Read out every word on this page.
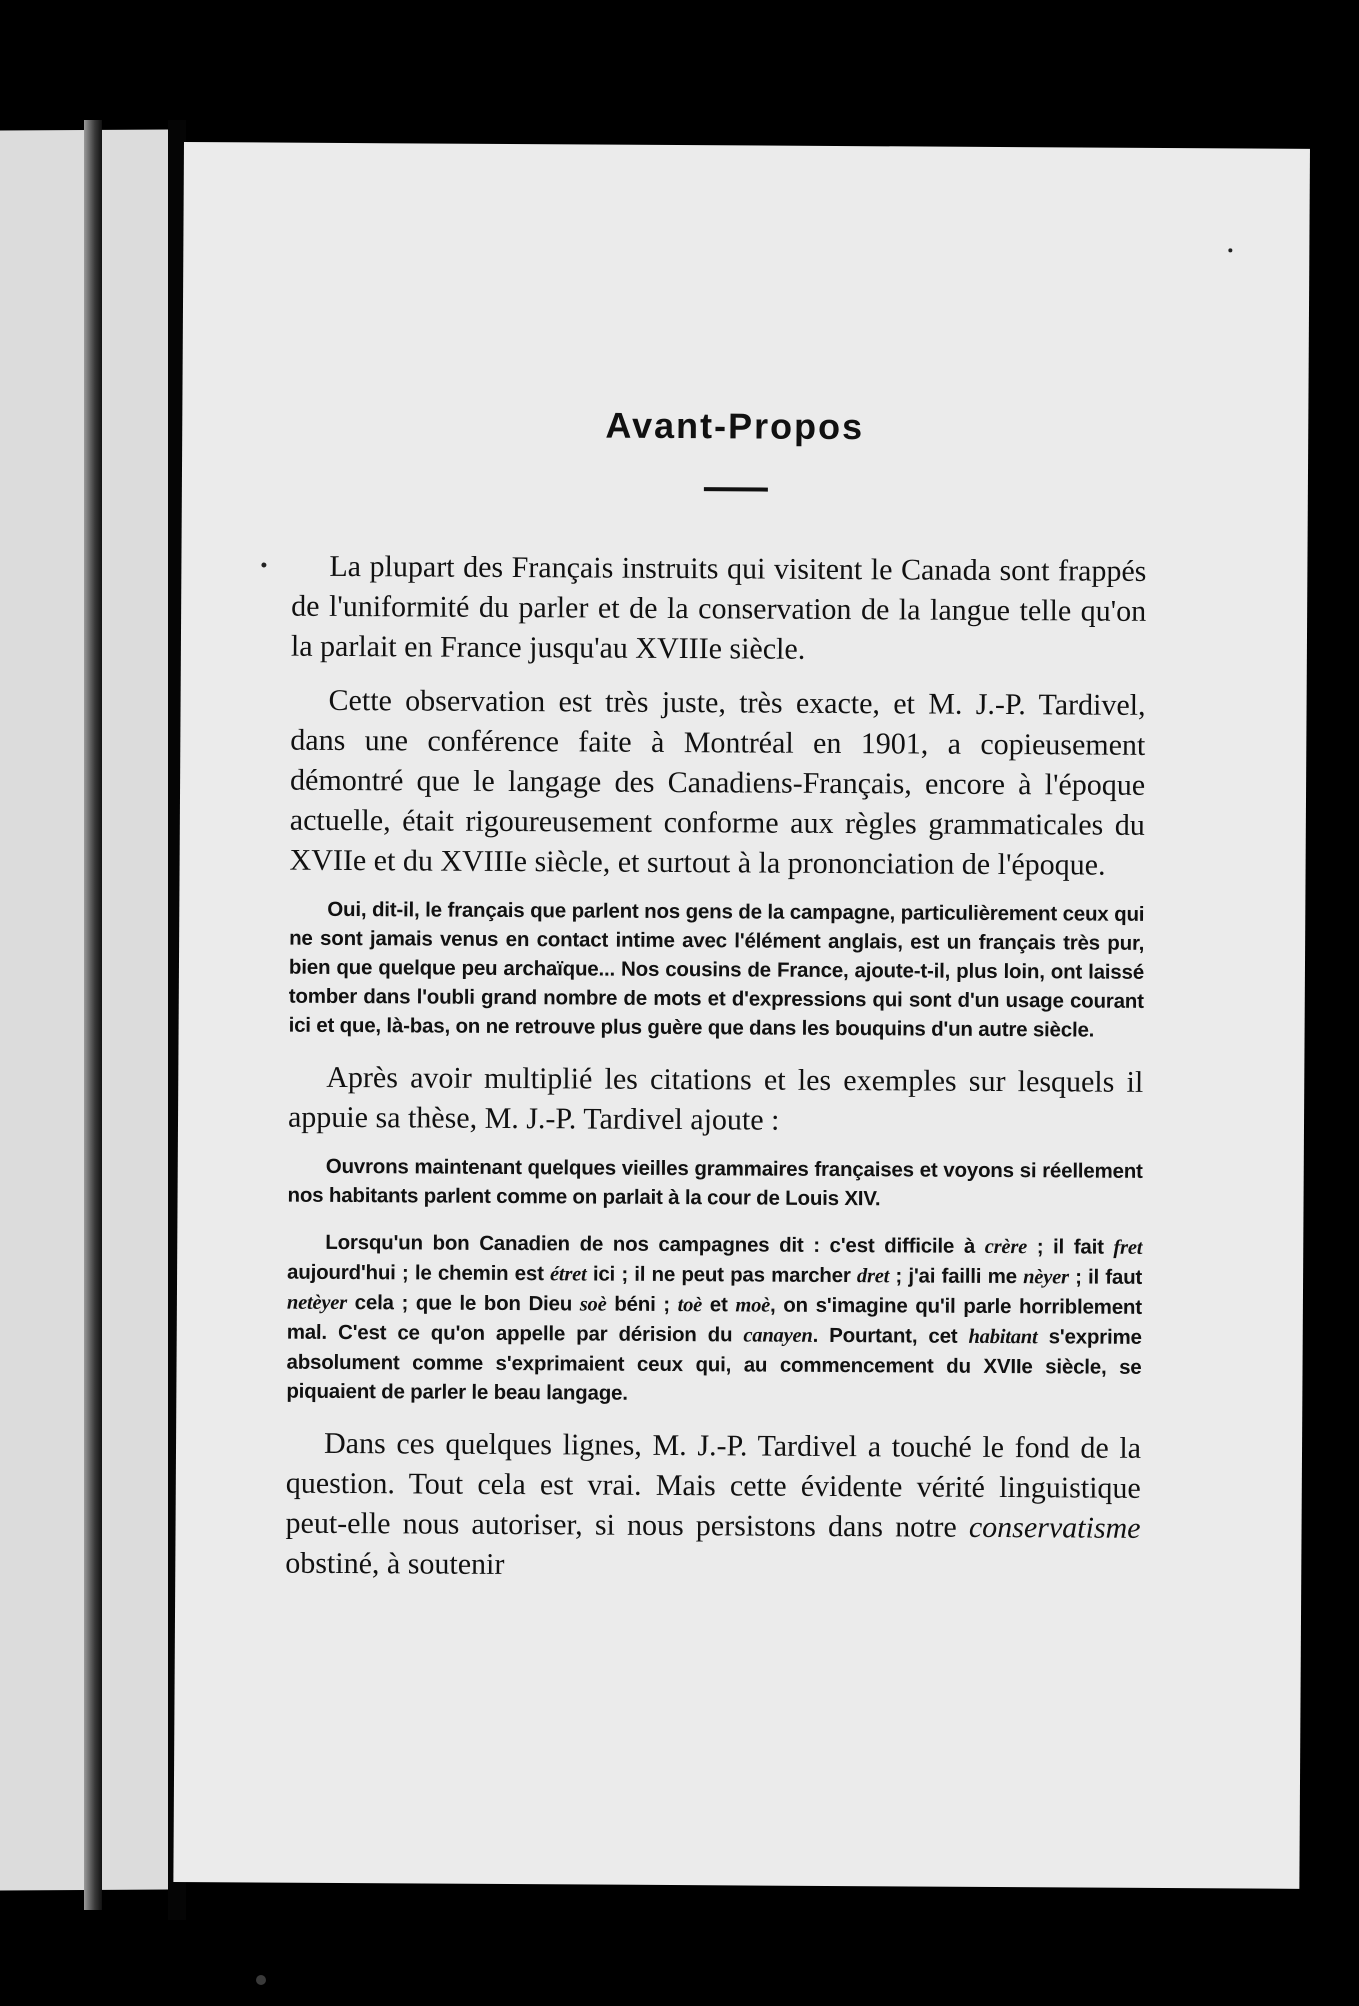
Avant-Propos

La plupart des Français instruits qui visitent le Canada sont frappés de l'uniformité du parler et de la conservation de la langue telle qu'on la parlait en France jusqu'au XVIIIe siècle.

Cette observation est très juste, très exacte, et M. J.-P. Tardivel, dans une conférence faite à Montréal en 1901, a copieusement démontré que le langage des Canadiens-Français, encore à l'époque actuelle, était rigoureusement conforme aux règles grammaticales du XVIIe et du XVIIIe siècle, et surtout à la prononciation de l'époque.

Oui, dit-il, le français que parlent nos gens de la campagne, particulièrement ceux qui ne sont jamais venus en contact intime avec l'élément anglais, est un français très pur, bien que quelque peu archaïque... Nos cousins de France, ajoute-t-il, plus loin, ont laissé tomber dans l'oubli grand nombre de mots et d'expressions qui sont d'un usage courant ici et que, là-bas, on ne retrouve plus guère que dans les bouquins d'un autre siècle.

Après avoir multiplié les citations et les exemples sur lesquels il appuie sa thèse, M. J.-P. Tardivel ajoute :

Ouvrons maintenant quelques vieilles grammaires françaises et voyons si réellement nos habitants parlent comme on parlait à la cour de Louis XIV.

Lorsqu'un bon Canadien de nos campagnes dit : c'est difficile à crère ; il fait fret aujourd'hui ; le chemin est étret ici ; il ne peut pas marcher dret ; j'ai failli me nèyer ; il faut netèyer cela ; que le bon Dieu soè béni ; toè et moè, on s'imagine qu'il parle horriblement mal. C'est ce qu'on appelle par dérision du canayen. Pourtant, cet habitant s'exprime absolument comme s'exprimaient ceux qui, au commencement du XVIIe siècle, se piquaient de parler le beau langage.

Dans ces quelques lignes, M. J.-P. Tardivel a touché le fond de la question. Tout cela est vrai. Mais cette évidente vérité linguistique peut-elle nous autoriser, si nous persistons dans notre conservatisme obstiné, à soutenir
